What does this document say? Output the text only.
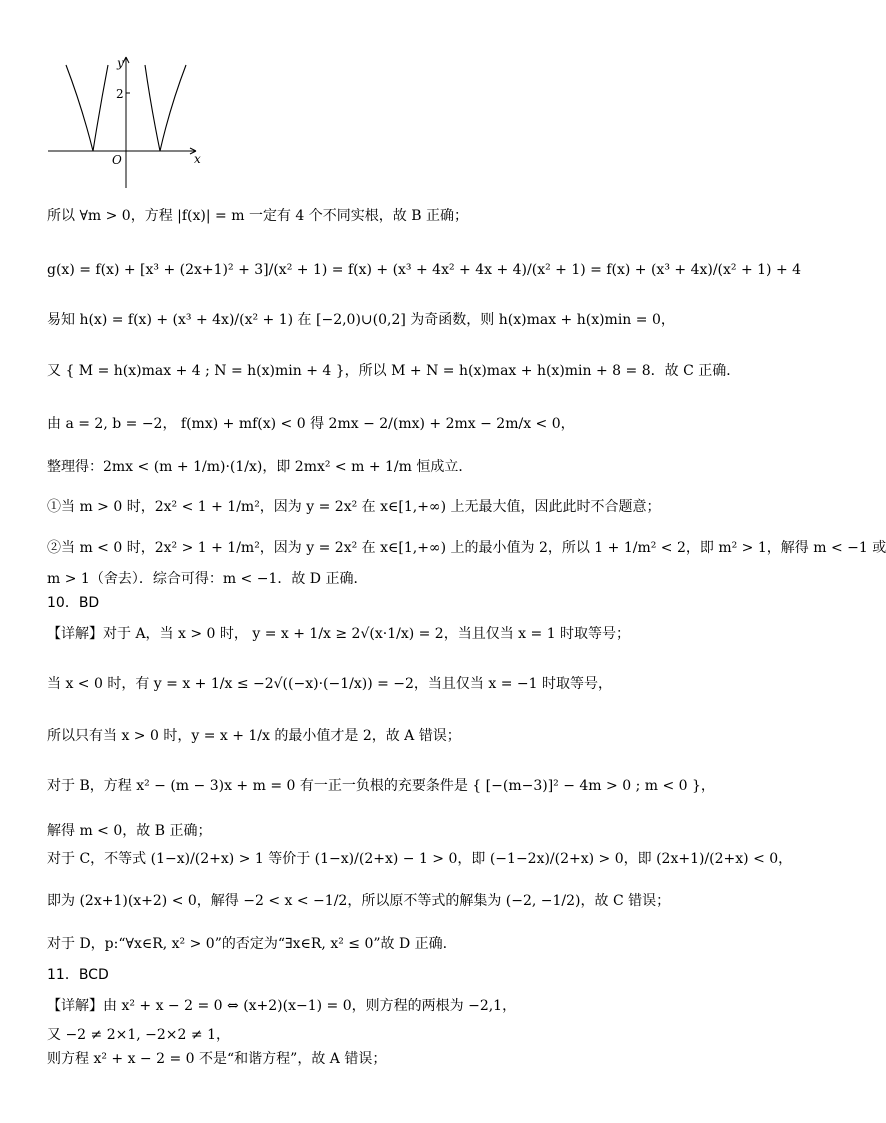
y
2
O	x
所以 ∀m > 0，方程 |f(x)| = m 一定有 4 个不同实根，故 B 正确；
g(x) = f(x) + [x³ + (2x+1)² + 3]/(x² + 1) = f(x) + (x³ + 4x² + 4x + 4)/(x² + 1) = f(x) + (x³ + 4x)/(x² + 1) + 4
易知 h(x) = f(x) + (x³ + 4x)/(x² + 1) 在 [−2,0)∪(0,2] 为奇函数，则 h(x)max + h(x)min = 0，
又 { M = h(x)max + 4 ; N = h(x)min + 4 }，所以 M + N = h(x)max + h(x)min + 8 = 8．故 C 正确．
由 a = 2, b = −2， f(mx) + mf(x) < 0 得 2mx − 2/(mx) + 2mx − 2m/x < 0，
整理得：2mx < (m + 1/m)·(1/x)，即 2mx² < m + 1/m 恒成立．
①当 m > 0 时，2x² < 1 + 1/m²，因为 y = 2x² 在 x∈[1,+∞) 上无最大值，因此此时不合题意；
②当 m < 0 时，2x² > 1 + 1/m²，因为 y = 2x² 在 x∈[1,+∞) 上的最小值为 2，所以 1 + 1/m² < 2，即 m² > 1，解得 m < −1 或
m > 1（舍去）．综合可得：m < −1．故 D 正确．
10．BD
【详解】对于 A，当 x > 0 时， y = x + 1/x ≥ 2√(x·1/x) = 2，当且仅当 x = 1 时取等号；
当 x < 0 时，有 y = x + 1/x ≤ −2√((−x)·(−1/x)) = −2，当且仅当 x = −1 时取等号，
所以只有当 x > 0 时，y = x + 1/x 的最小值才是 2，故 A 错误；
对于 B，方程 x² − (m − 3)x + m = 0 有一正一负根的充要条件是 { [−(m−3)]² − 4m > 0 ; m < 0 }，
解得 m < 0，故 B 正确；
对于 C，不等式 (1−x)/(2+x) > 1 等价于 (1−x)/(2+x) − 1 > 0，即 (−1−2x)/(2+x) > 0，即 (2x+1)/(2+x) < 0，
即为 (2x+1)(x+2) < 0，解得 −2 < x < −1/2，所以原不等式的解集为 (−2, −1/2)，故 C 错误；
对于 D，p:“∀x∈R, x² > 0”的否定为“∃x∈R, x² ≤ 0”故 D 正确.
11．BCD
【详解】由 x² + x − 2 = 0 ⇔ (x+2)(x−1) = 0，则方程的两根为 −2,1，
又 −2 ≠ 2×1, −2×2 ≠ 1，
则方程 x² + x − 2 = 0 不是“和谐方程”，故 A 错误；
